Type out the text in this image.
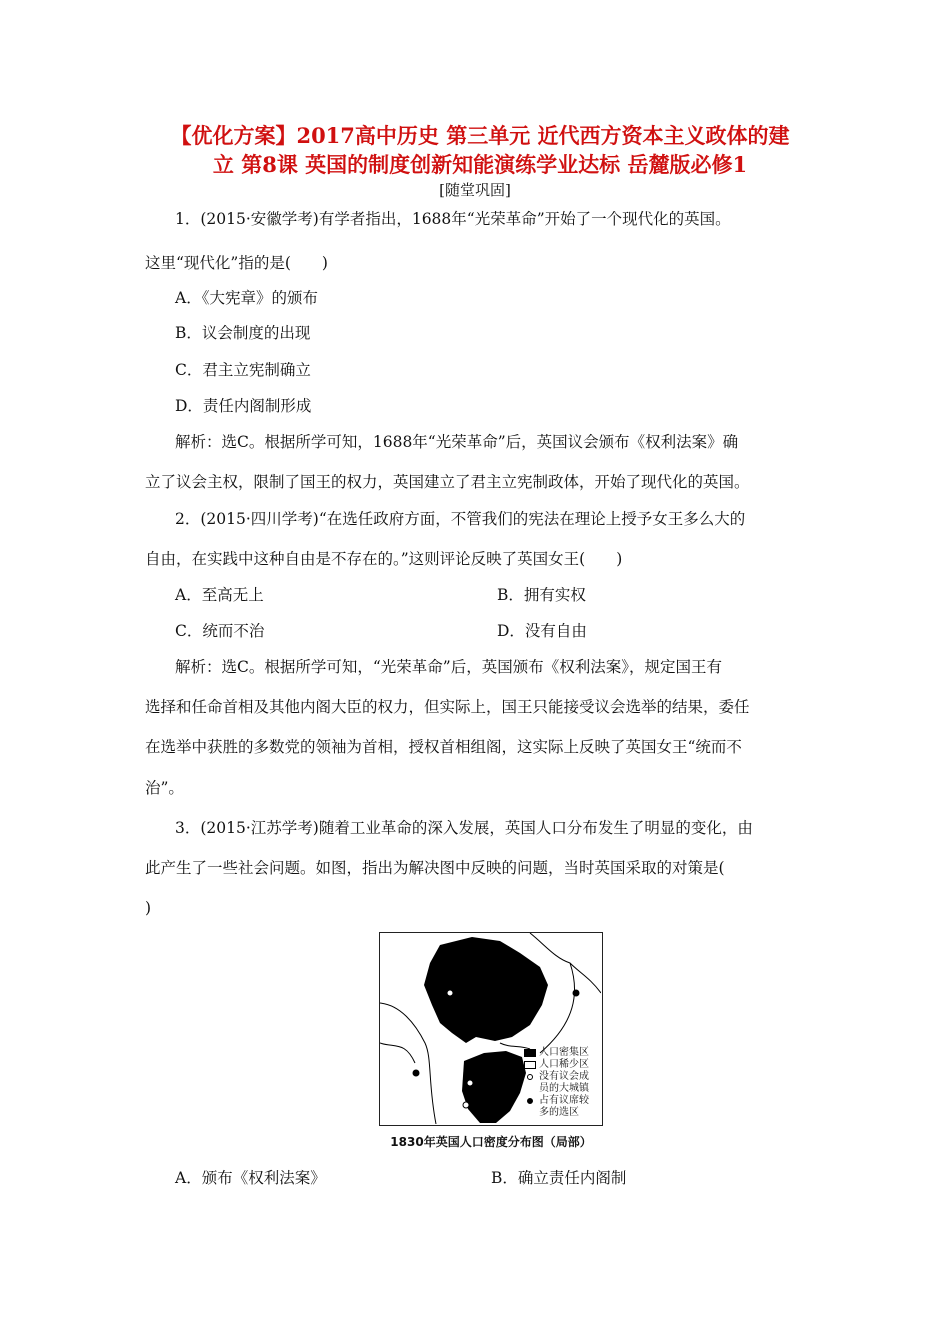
【优化方案】2017高中历史 第三单元 近代西方资本主义政体的建
立 第8课 英国的制度创新知能演练学业达标 岳麓版必修1
[随堂巩固]
1．(2015·安徽学考)有学者指出，1688年“光荣革命”开始了一个现代化的英国。
这里“现代化”指的是(　　)
A．《大宪章》的颁布
B．议会制度的出现
C．君主立宪制确立
D．责任内阁制形成
解析：选C。根据所学可知，1688年“光荣革命”后，英国议会颁布《权利法案》确
立了议会主权，限制了国王的权力，英国建立了君主立宪制政体，开始了现代化的英国。
2．(2015·四川学考)“在选任政府方面，不管我们的宪法在理论上授予女王多么大的
自由，在实践中这种自由是不存在的。”这则评论反映了英国女王(　　)
A．至高无上	B．拥有实权
C．统而不治	D．没有自由
解析：选C。根据所学可知，“光荣革命”后，英国颁布《权利法案》，规定国王有
选择和任命首相及其他内阁大臣的权力，但实际上，国王只能接受议会选举的结果，委任
在选举中获胜的多数党的领袖为首相，授权首相组阁，这实际上反映了英国女王“统而不
治”。
3．(2015·江苏学考)随着工业革命的深入发展，英国人口分布发生了明显的变化，由
此产生了一些社会问题。如图，指出为解决图中反映的问题，当时英国采取的对策是(
)
人口密集区
人口稀少区
没有议会成
员的大城镇
占有议席较
多的选区
1830年英国人口密度分布图（局部）
A．颁布《权利法案》	B．确立责任内阁制
